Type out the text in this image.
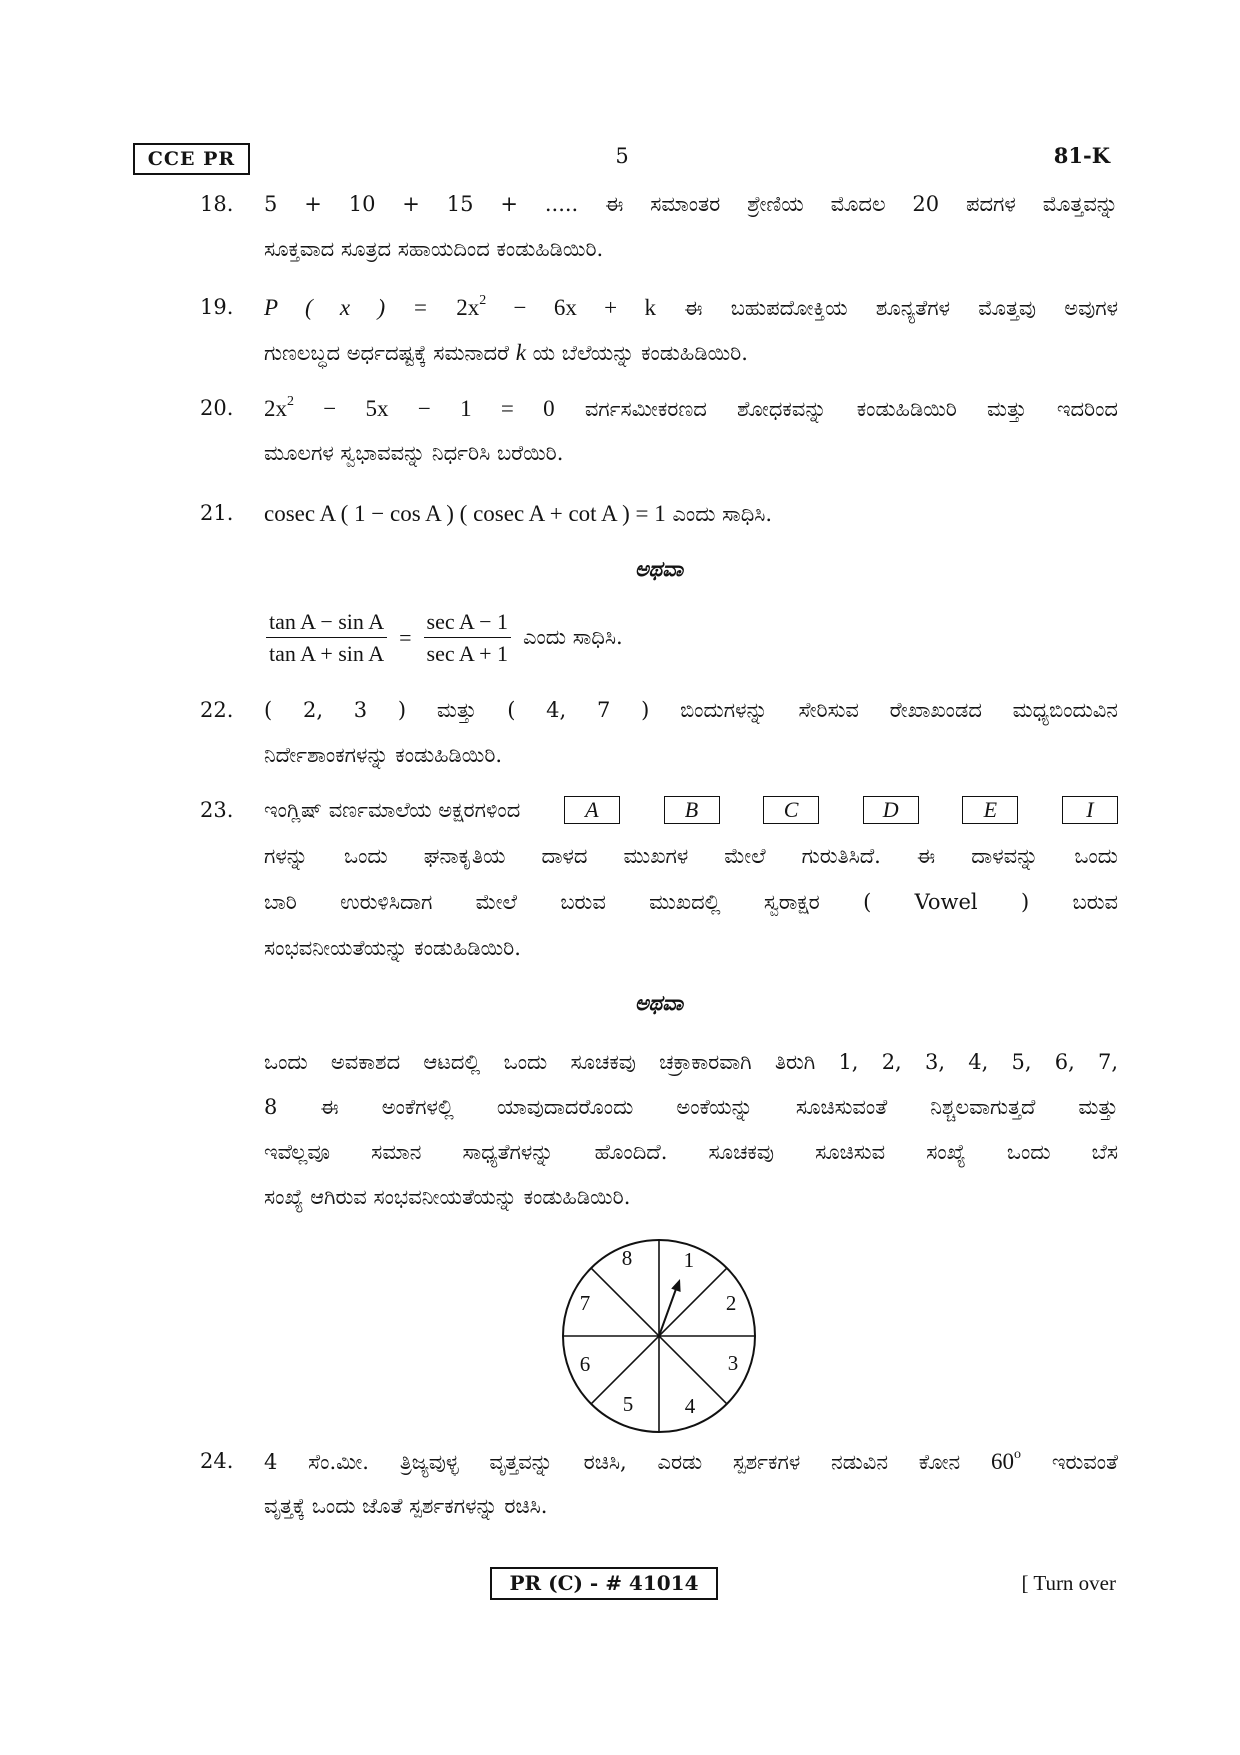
CCE PR	5	81-K
18.	5 + 10 + 15 + ..... ಈ ಸಮಾಂತರ ಶ್ರೇಣಿಯ ಮೊದಲ 20 ಪದಗಳ ಮೊತ್ತವನ್ನು
ಸೂಕ್ತವಾದ ಸೂತ್ರದ ಸಹಾಯದಿಂದ ಕಂಡುಹಿಡಿಯಿರಿ.
19.	P ( x ) = $2x^2 - 6x + k$ ಈ ಬಹುಪದೋಕ್ತಿಯ ಶೂನ್ಯತೆಗಳ ಮೊತ್ತವು ಅವುಗಳ
ಗುಣಲಬ್ಧದ ಅರ್ಧದಷ್ಟಕ್ಕೆ ಸಮನಾದರೆ k ಯ ಬೆಲೆಯನ್ನು ಕಂಡುಹಿಡಿಯಿರಿ.
20.	$2x^2 - 5x - 1 = 0$ ವರ್ಗಸಮೀಕರಣದ ಶೋಧಕವನ್ನು ಕಂಡುಹಿಡಿಯಿರಿ ಮತ್ತು ಇದರಿಂದ
ಮೂಲಗಳ ಸ್ವಭಾವವನ್ನು ನಿರ್ಧರಿಸಿ ಬರೆಯಿರಿ.
21.	cosec A ( 1 − cos A ) ( cosec A + cot A ) = 1 ಎಂದು ಸಾಧಿಸಿ.
ಅಥವಾ
$\frac{\text{tan A − sin A}}{\text{tan A + sin A}} = \frac{\text{sec A − 1}}{\text{sec A + 1}}$ ಎಂದು ಸಾಧಿಸಿ.
22.	( 2, 3 ) ಮತ್ತು ( 4, 7 ) ಬಿಂದುಗಳನ್ನು ಸೇರಿಸುವ ರೇಖಾಖಂಡದ ಮಧ್ಯಬಿಂದುವಿನ
ನಿರ್ದೇಶಾಂಕಗಳನ್ನು ಕಂಡುಹಿಡಿಯಿರಿ.
23.	ಇಂಗ್ಲಿಷ್ ವರ್ಣಮಾಲೆಯ ಅಕ್ಷರಗಳಿಂದ	A	B	C	D	E	I
ಗಳನ್ನು ಒಂದು ಘನಾಕೃತಿಯ ದಾಳದ ಮುಖಗಳ ಮೇಲೆ ಗುರುತಿಸಿದೆ. ಈ ದಾಳವನ್ನು ಒಂದು
ಬಾರಿ ಉರುಳಿಸಿದಾಗ ಮೇಲೆ ಬರುವ ಮುಖದಲ್ಲಿ ಸ್ವರಾಕ್ಷರ ( Vowel ) ಬರುವ
ಸಂಭವನೀಯತೆಯನ್ನು ಕಂಡುಹಿಡಿಯಿರಿ.
ಅಥವಾ
ಒಂದು ಅವಕಾಶದ ಆಟದಲ್ಲಿ ಒಂದು ಸೂಚಕವು ಚಕ್ರಾಕಾರವಾಗಿ ತಿರುಗಿ 1, 2, 3, 4, 5, 6, 7,
8 ಈ ಅಂಕೆಗಳಲ್ಲಿ ಯಾವುದಾದರೊಂದು ಅಂಕೆಯನ್ನು ಸೂಚಿಸುವಂತೆ ನಿಶ್ಚಲವಾಗುತ್ತದೆ ಮತ್ತು
ಇವೆಲ್ಲವೂ ಸಮಾನ ಸಾಧ್ಯತೆಗಳನ್ನು ಹೊಂದಿದೆ. ಸೂಚಕವು ಸೂಚಿಸುವ ಸಂಖ್ಯೆ ಒಂದು ಬೆಸ
ಸಂಖ್ಯೆ ಆಗಿರುವ ಸಂಭವನೀಯತೆಯನ್ನು ಕಂಡುಹಿಡಿಯಿರಿ.
1
2
3
4
5
6
7
8
24.	4 ಸೆಂ.ಮೀ. ತ್ರಿಜ್ಯವುಳ್ಳ ವೃತ್ತವನ್ನು ರಚಿಸಿ, ಎರಡು ಸ್ಪರ್ಶಕಗಳ ನಡುವಿನ ಕೋನ 60$^o$ ಇರುವಂತೆ
ವೃತ್ತಕ್ಕೆ ಒಂದು ಜೊತೆ ಸ್ಪರ್ಶಕಗಳನ್ನು ರಚಿಸಿ.
PR (C) - # 41014	[ Turn over
